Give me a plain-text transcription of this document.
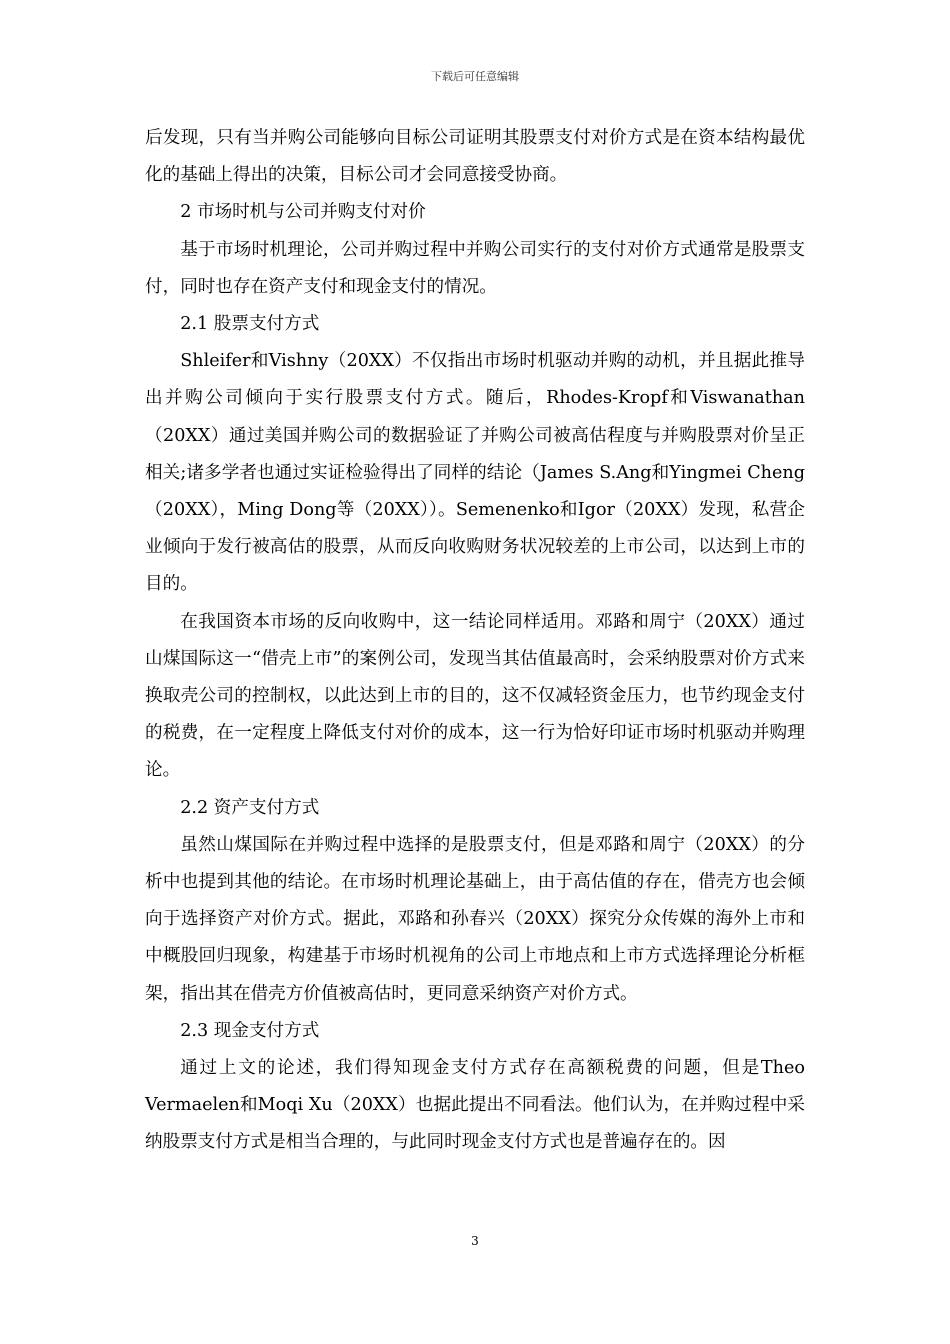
下载后可任意编辑

后发现，只有当并购公司能够向目标公司证明其股票支付对价方式是在资本结构最优化的基础上得出的决策，目标公司才会同意接受协商。

2 市场时机与公司并购支付对价

基于市场时机理论，公司并购过程中并购公司实行的支付对价方式通常是股票支付，同时也存在资产支付和现金支付的情况。

2.1 股票支付方式

Shleifer和Vishny（20XX）不仅指出市场时机驱动并购的动机，并且据此推导出并购公司倾向于实行股票支付方式。随后，Rhodes-Kropf和Viswanathan（20XX）通过美国并购公司的数据验证了并购公司被高估程度与并购股票对价呈正相关;诸多学者也通过实证检验得出了同样的结论（James S.Ang和Yingmei Cheng（20XX），Ming Dong等（20XX））。Semenenko和Igor（20XX）发现，私营企业倾向于发行被高估的股票，从而反向收购财务状况较差的上市公司，以达到上市的目的。

在我国资本市场的反向收购中，这一结论同样适用。邓路和周宁（20XX）通过山煤国际这一“借壳上市”的案例公司，发现当其估值最高时，会采纳股票对价方式来换取壳公司的控制权，以此达到上市的目的，这不仅减轻资金压力，也节约现金支付的税费，在一定程度上降低支付对价的成本，这一行为恰好印证市场时机驱动并购理论。

2.2 资产支付方式

虽然山煤国际在并购过程中选择的是股票支付，但是邓路和周宁（20XX）的分析中也提到其他的结论。在市场时机理论基础上，由于高估值的存在，借壳方也会倾向于选择资产对价方式。据此，邓路和孙春兴（20XX）探究分众传媒的海外上市和中概股回归现象，构建基于市场时机视角的公司上市地点和上市方式选择理论分析框架，指出其在借壳方价值被高估时，更同意采纳资产对价方式。

2.3 现金支付方式

通过上文的论述，我们得知现金支付方式存在高额税费的问题，但是Theo Vermaelen和Moqi Xu（20XX）也据此提出不同看法。他们认为，在并购过程中采纳股票支付方式是相当合理的，与此同时现金支付方式也是普遍存在的。因

3
